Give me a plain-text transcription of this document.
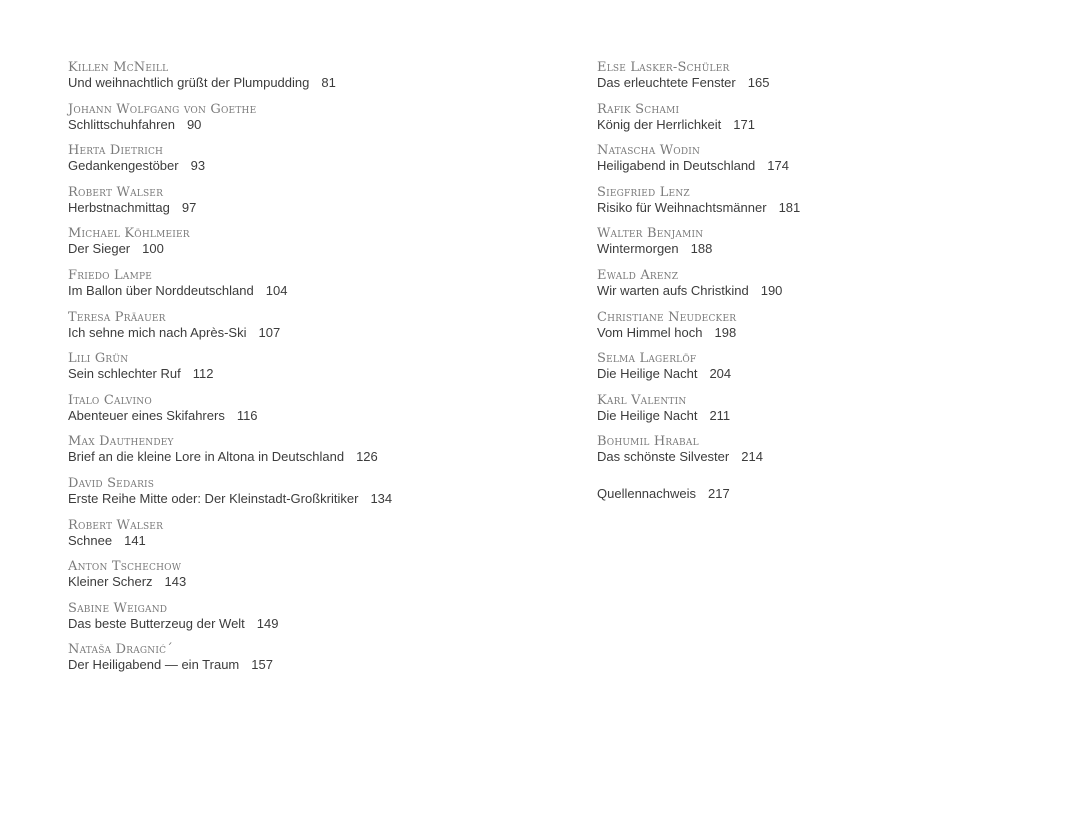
Killen McNeill
Und weihnachtlich grüßt der Plumpudding 81
Johann Wolfgang von Goethe
Schlittschuhfahren 90
Herta Dietrich
Gedankengestöber 93
Robert Walser
Herbstnachmittag 97
Michael Köhlmeier
Der Sieger 100
Friedo Lampe
Im Ballon über Norddeutschland 104
Teresa Präauer
Ich sehne mich nach Après-Ski 107
Lili Grün
Sein schlechter Ruf 112
Italo Calvino
Abenteuer eines Skifahrers 116
Max Dauthendey
Brief an die kleine Lore in Altona in Deutschland 126
David Sedaris
Erste Reihe Mitte oder: Der Kleinstadt-Großkritiker 134
Robert Walser
Schnee 141
Anton Tschechow
Kleiner Scherz 143
Sabine Weigand
Das beste Butterzeug der Welt 149
Nataša Dragnić´
Der Heiligabend — ein Traum 157
Else Lasker-Schüler
Das erleuchtete Fenster 165
Rafik Schami
König der Herrlichkeit 171
Natascha Wodin
Heiligabend in Deutschland 174
Siegfried Lenz
Risiko für Weihnachtsmänner 181
Walter Benjamin
Wintermorgen 188
Ewald Arenz
Wir warten aufs Christkind 190
Christiane Neudecker
Vom Himmel hoch 198
Selma Lagerlöf
Die Heilige Nacht 204
Karl Valentin
Die Heilige Nacht 211
Bohumil Hrabal
Das schönste Silvester 214
Quellennachweis 217
